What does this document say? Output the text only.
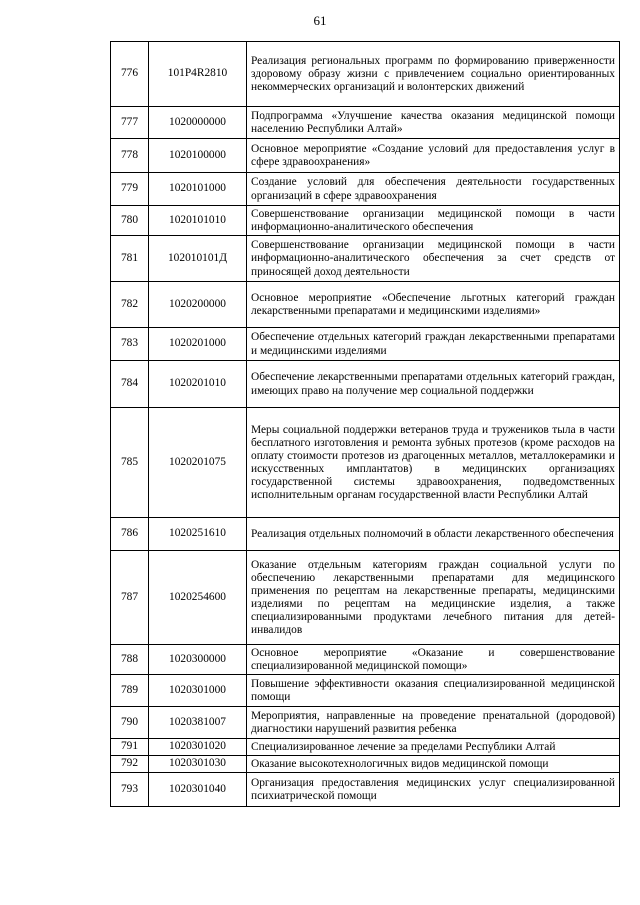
61
776	101P4R2810	Реализация региональных программ по формированию приверженности здоровому образу жизни с привлечением социально ориентированных некоммерческих организаций и волонтерских движений
777	1020000000	Подпрограмма «Улучшение качества оказания медицинской помощи населению Республики Алтай»
778	1020100000	Основное мероприятие «Создание условий для предоставления услуг в сфере здравоохранения»
779	1020101000	Создание условий для обеспечения деятельности государственных организаций в сфере здравоохранения
780	1020101010	Совершенствование организации медицинской помощи в части информационно-аналитического обеспечения
781	102010101Д	Совершенствование организации медицинской помощи в части информационно-аналитического обеспечения за счет средств от приносящей доход деятельности
782	1020200000	Основное мероприятие «Обеспечение льготных категорий граждан лекарственными препаратами и медицинскими изделиями»
783	1020201000	Обеспечение отдельных категорий граждан лекарственными препаратами и медицинскими изделиями
784	1020201010	Обеспечение лекарственными препаратами отдельных категорий граждан, имеющих право на получение мер социальной поддержки
785	1020201075	Меры социальной поддержки ветеранов труда и тружеников тыла в части бесплатного изготовления и ремонта зубных протезов (кроме расходов на оплату стоимости протезов из драгоценных металлов, металлокерамики и искусственных имплантатов) в медицинских организациях государственной системы здравоохранения, подведомственных исполнительным органам государственной власти Республики Алтай
786	1020251610	Реализация отдельных полномочий в области лекарственного обеспечения
787	1020254600	Оказание отдельным категориям граждан социальной услуги по обеспечению лекарственными препаратами для медицинского применения по рецептам на лекарственные препараты, медицинскими изделиями по рецептам на медицинские изделия, а также специализированными продуктами лечебного питания для детей-инвалидов
788	1020300000	Основное мероприятие «Оказание и совершенствование специализированной медицинской помощи»
789	1020301000	Повышение эффективности оказания специализированной медицинской помощи
790	1020381007	Мероприятия, направленные на проведение пренатальной (дородовой) диагностики нарушений развития ребенка
791	1020301020	Специализированное лечение за пределами Республики Алтай
792	1020301030	Оказание высокотехнологичных видов медицинской помощи
793	1020301040	Организация предоставления медицинских услуг специализированной психиатрической помощи
